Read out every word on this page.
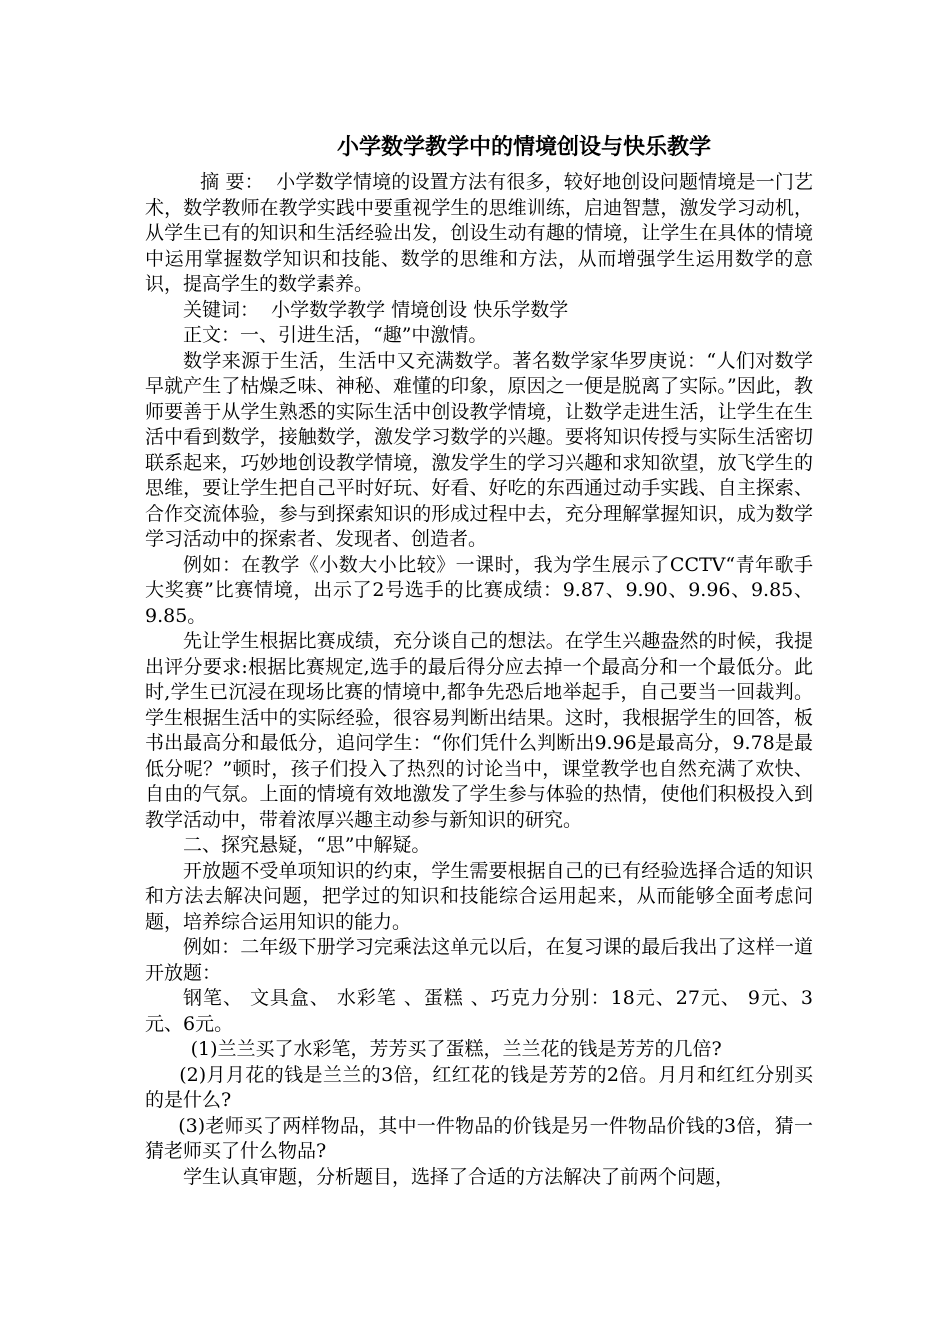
小学数学教学中的情境创设与快乐教学

摘 要： 小学数学情境的设置方法有很多，较好地创设问题情境是一门艺术，数学教师在教学实践中要重视学生的思维训练，启迪智慧，激发学习动机，从学生已有的知识和生活经验出发，创设生动有趣的情境，让学生在具体的情境中运用掌握数学知识和技能、数学的思维和方法，从而增强学生运用数学的意识，提高学生的数学素养。

关键词： 小学数学教学 情境创设 快乐学数学

正文：一、引进生活，“趣”中激情。

数学来源于生活，生活中又充满数学。著名数学家华罗庚说：“人们对数学早就产生了枯燥乏味、神秘、难懂的印象，原因之一便是脱离了实际。”因此，教师要善于从学生熟悉的实际生活中创设教学情境，让数学走进生活，让学生在生活中看到数学，接触数学，激发学习数学的兴趣。要将知识传授与实际生活密切联系起来，巧妙地创设教学情境，激发学生的学习兴趣和求知欲望，放飞学生的思维，要让学生把自己平时好玩、好看、好吃的东西通过动手实践、自主探索、合作交流体验，参与到探索知识的形成过程中去，充分理解掌握知识，成为数学学习活动中的探索者、发现者、创造者。

例如：在教学《小数大小比较》一课时，我为学生展示了CCTV“青年歌手大奖赛”比赛情境，出示了2号选手的比赛成绩：9.87、9.90、9.96、9.85、9.85。

先让学生根据比赛成绩，充分谈自己的想法。在学生兴趣盎然的时候，我提出评分要求:根据比赛规定,选手的最后得分应去掉一个最高分和一个最低分。此时,学生已沉浸在现场比赛的情境中,都争先恐后地举起手，自己要当一回裁判。学生根据生活中的实际经验，很容易判断出结果。这时，我根据学生的回答，板书出最高分和最低分，追问学生：“你们凭什么判断出9.96是最高分，9.78是最低分呢？”顿时，孩子们投入了热烈的讨论当中，课堂教学也自然充满了欢快、自由的气氛。上面的情境有效地激发了学生参与体验的热情，使他们积极投入到教学活动中，带着浓厚兴趣主动参与新知识的研究。

二、探究悬疑，“思”中解疑。

开放题不受单项知识的约束，学生需要根据自己的已有经验选择合适的知识和方法去解决问题，把学过的知识和技能综合运用起来，从而能够全面考虑问题，培养综合运用知识的能力。

例如：二年级下册学习完乘法这单元以后，在复习课的最后我出了这样一道开放题：

钢笔、 文具盒、 水彩笔 、蛋糕 、巧克力分别：18元、27元、 9元、3元、6元。

(1)兰兰买了水彩笔，芳芳买了蛋糕，兰兰花的钱是芳芳的几倍?

(2)月月花的钱是兰兰的3倍，红红花的钱是芳芳的2倍。月月和红红分别买的是什么?

(3)老师买了两样物品，其中一件物品的价钱是另一件物品价钱的3倍，猜一猜老师买了什么物品?

学生认真审题，分析题目，选择了合适的方法解决了前两个问题，
